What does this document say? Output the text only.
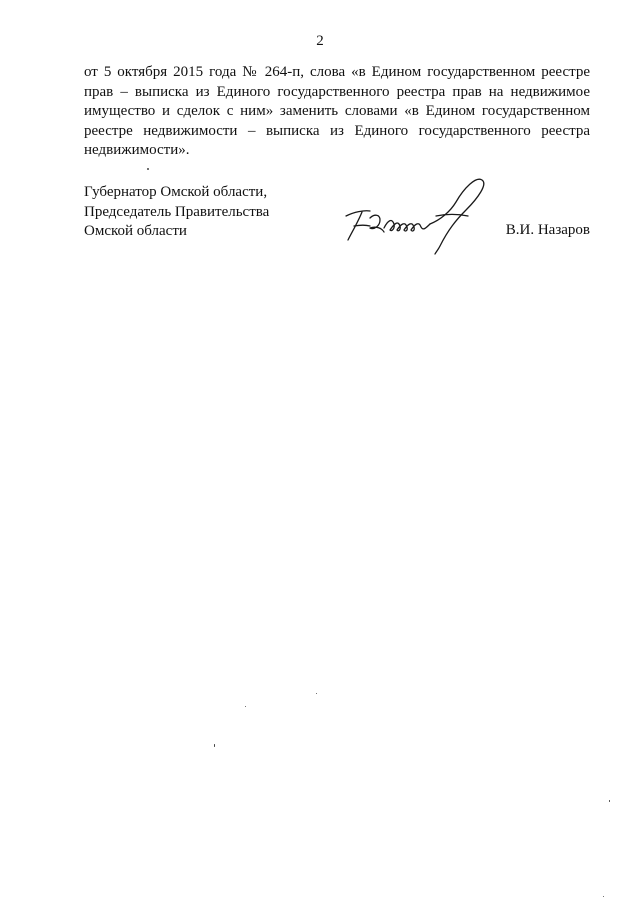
2
от 5 октября 2015 года № 264-п, слова «в Едином государственном реестре
прав – выписка из Единого государственного реестра прав на недвижимое
имущество и сделок с ним» заменить словами «в Едином государственном
реестре недвижимости – выписка из Единого государственного реестра
недвижимости».
Губернатор Омской области,
Председатель Правительства
Омской области	В.И. Назаров
